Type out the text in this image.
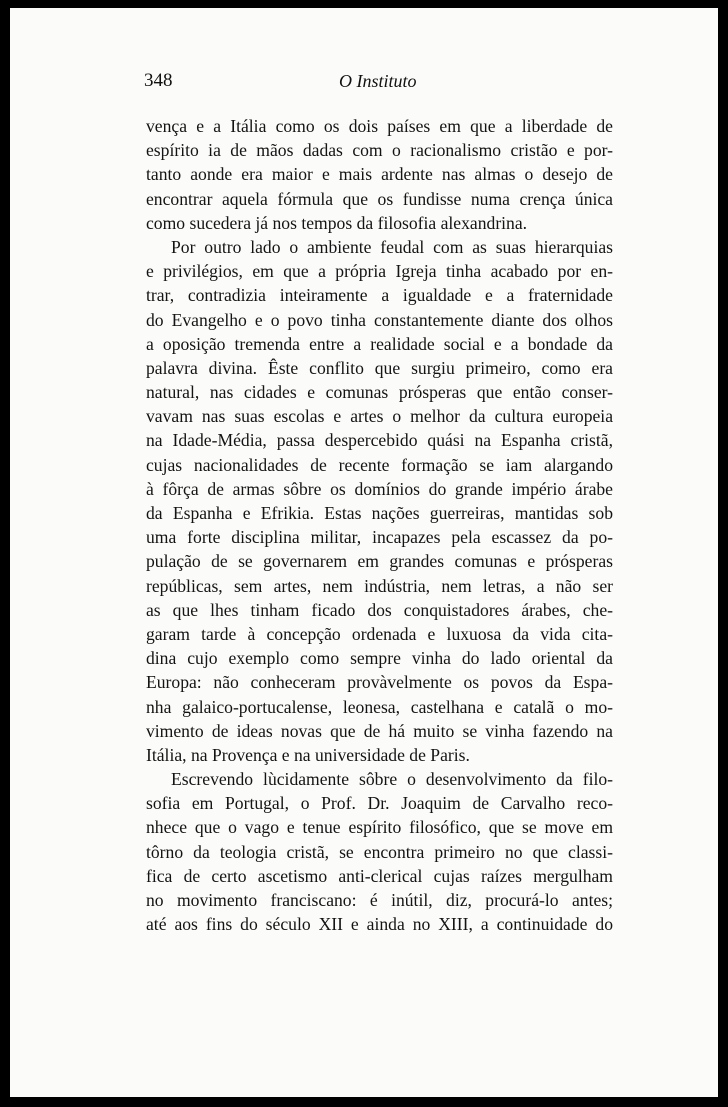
348	O Instituto
vença e a Itália como os dois países em que a liberdade de
espírito ia de mãos dadas com o racionalismo cristão e por-
tanto aonde era maior e mais ardente nas almas o desejo de
encontrar aquela fórmula que os fundisse numa crença única
como sucedera já nos tempos da filosofia alexandrina.
Por outro lado o ambiente feudal com as suas hierarquias
e privilégios, em que a própria Igreja tinha acabado por en-
trar, contradizia inteiramente a igualdade e a fraternidade
do Evangelho e o povo tinha constantemente diante dos olhos
a oposição tremenda entre a realidade social e a bondade da
palavra divina. Êste conflito que surgiu primeiro, como era
natural, nas cidades e comunas prósperas que então conser-
vavam nas suas escolas e artes o melhor da cultura europeia
na Idade-Média, passa despercebido quási na Espanha cristã,
cujas nacionalidades de recente formação se iam alargando
à fôrça de armas sôbre os domínios do grande império árabe
da Espanha e Efrikia. Estas nações guerreiras, mantidas sob
uma forte disciplina militar, incapazes pela escassez da po-
pulação de se governarem em grandes comunas e prósperas
repúblicas, sem artes, nem indústria, nem letras, a não ser
as que lhes tinham ficado dos conquistadores árabes, che-
garam tarde à concepção ordenada e luxuosa da vida cita-
dina cujo exemplo como sempre vinha do lado oriental da
Europa: não conheceram provàvelmente os povos da Espa-
nha galaico-portucalense, leonesa, castelhana e catalã o mo-
vimento de ideas novas que de há muito se vinha fazendo na
Itália, na Provença e na universidade de Paris.
Escrevendo lùcidamente sôbre o desenvolvimento da filo-
sofia em Portugal, o Prof. Dr. Joaquim de Carvalho reco-
nhece que o vago e tenue espírito filosófico, que se move em
tôrno da teologia cristã, se encontra primeiro no que classi-
fica de certo ascetismo anti-clerical cujas raízes mergulham
no movimento franciscano: é inútil, diz, procurá-lo antes;
até aos fins do século XII e ainda no XIII, a continuidade do
